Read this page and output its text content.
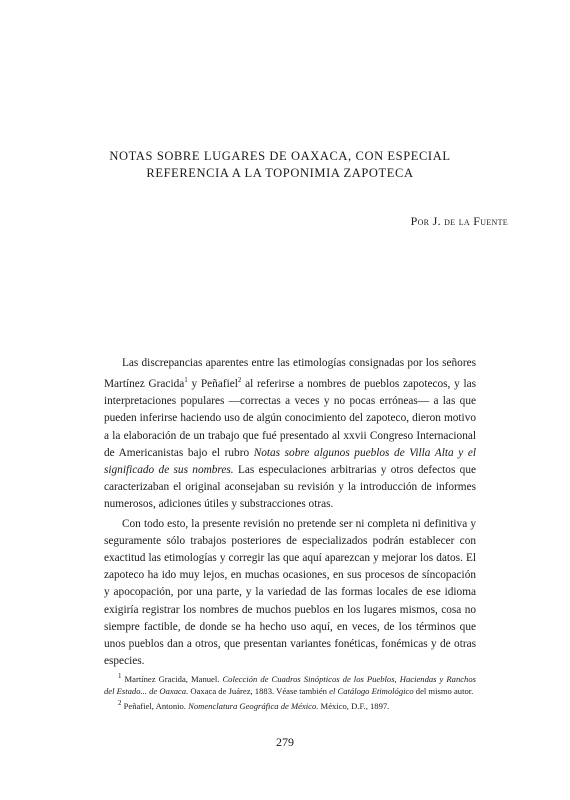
NOTAS SOBRE LUGARES DE OAXACA, CON ESPECIAL
REFERENCIA A LA TOPONIMIA ZAPOTECA
Por J. de la Fuente

Las discrepancias aparentes entre las etimologías consignadas por los señores Martínez Gracida$^1$ y Peñafiel$^2$ al referirse a nombres de pueblos zapotecos, y las interpretaciones populares —correctas a veces y no pocas erróneas— a las que pueden inferirse haciendo uso de algún conocimiento del zapoteco, dieron motivo a la elaboración de un trabajo que fué presentado al xxvii Congreso Internacional de Americanistas bajo el rubro Notas sobre algunos pueblos de Villa Alta y el significado de sus nombres. Las especulaciones arbitrarias y otros defectos que caracterizaban el original aconsejaban su revisión y la introducción de informes numerosos, adiciones útiles y substracciones otras.

Con todo esto, la presente revisión no pretende ser ni completa ni definitiva y seguramente sólo trabajos posteriores de especializados podrán establecer con exactitud las etimologías y corregir las que aquí aparezcan y mejorar los datos. El zapoteco ha ido muy lejos, en muchas ocasiones, en sus procesos de síncopación y apocopación, por una parte, y la variedad de las formas locales de ese idioma exigiría registrar los nombres de muchos pueblos en los lugares mismos, cosa no siempre factible, de donde se ha hecho uso aquí, en veces, de los términos que unos pueblos dan a otros, que presentan variantes fonéticas, fonémicas y de otras especies.

$^1$ Martínez Gracida, Manuel. Colección de Cuadros Sinópticos de los Pueblos, Haciendas y Ranchos del Estado... de Oaxaca. Oaxaca de Juárez, 1883. Véase también el Catálogo Etimológico del mismo autor.

$^2$ Peñafiel, Antonio. Nomenclatura Geográfica de México. México, D.F., 1897.

279
